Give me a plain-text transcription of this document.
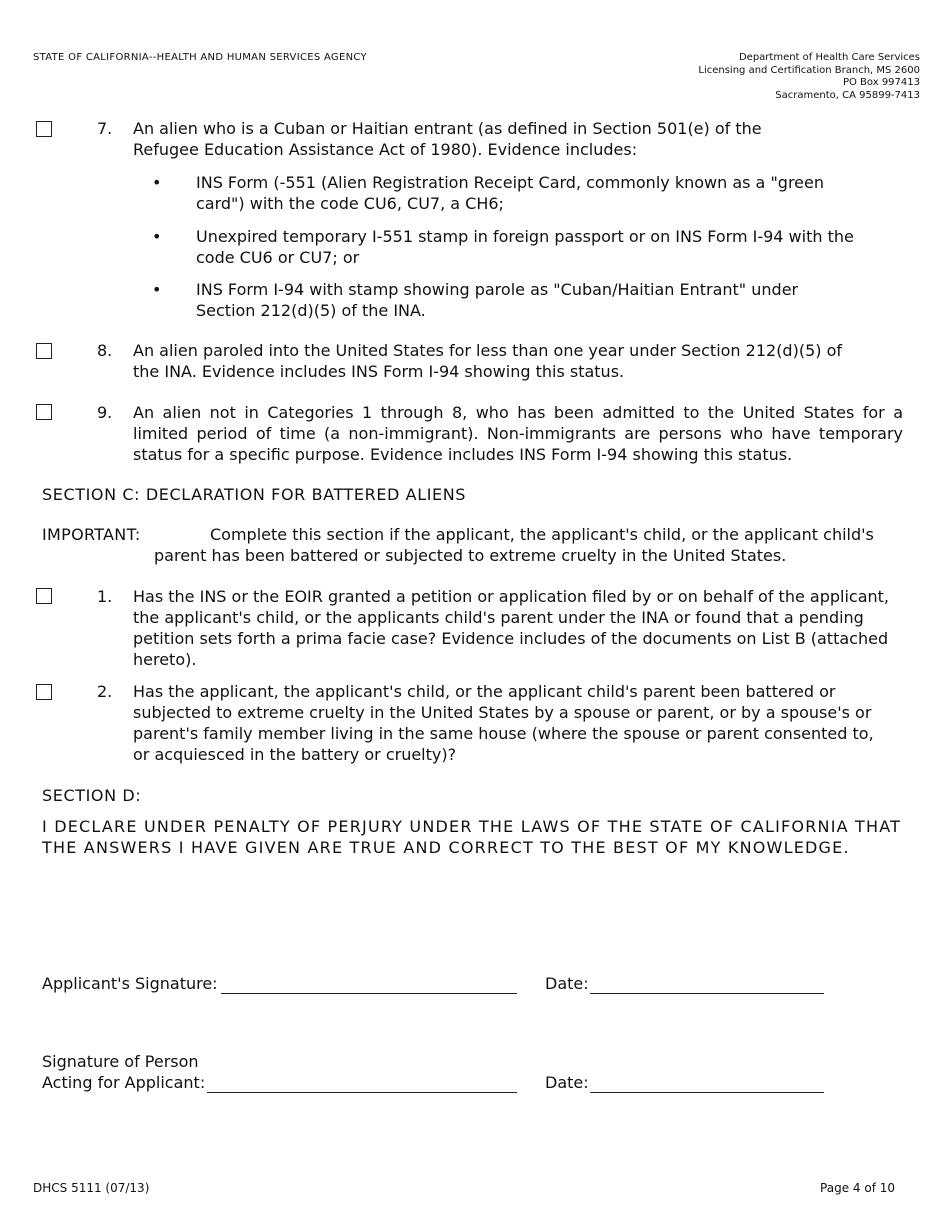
STATE OF CALIFORNIA--HEALTH AND HUMAN SERVICES AGENCY	Department of Health Care Services
Licensing and Certification Branch, MS 2600
PO Box 997413
Sacramento, CA 95899-7413
7. An alien who is a Cuban or Haitian entrant (as defined in Section 501(e) of the Refugee Education Assistance Act of 1980). Evidence includes:
• INS Form (-551 (Alien Registration Receipt Card, commonly known as a "green card") with the code CU6, CU7, a CH6;
• Unexpired temporary I-551 stamp in foreign passport or on INS Form I-94 with the code CU6 or CU7; or
• INS Form I-94 with stamp showing parole as "Cuban/Haitian Entrant" under Section 212(d)(5) of the INA.
8. An alien paroled into the United States for less than one year under Section 212(d)(5) of the INA. Evidence includes INS Form I-94 showing this status.
9. An alien not in Categories 1 through 8, who has been admitted to the United States for a limited period of time (a non-immigrant). Non-immigrants are persons who have temporary status for a specific purpose. Evidence includes INS Form I-94 showing this status.
SECTION C: DECLARATION FOR BATTERED ALIENS
IMPORTANT:	Complete this section if the applicant, the applicant's child, or the applicant child's parent has been battered or subjected to extreme cruelty in the United States.
1. Has the INS or the EOIR granted a petition or application filed by or on behalf of the applicant, the applicant's child, or the applicants child's parent under the INA or found that a pending petition sets forth a prima facie case? Evidence includes of the documents on List B (attached hereto).
2. Has the applicant, the applicant's child, or the applicant child's parent been battered or subjected to extreme cruelty in the United States by a spouse or parent, or by a spouse's or parent's family member living in the same house (where the spouse or parent consented to, or acquiesced in the battery or cruelty)?
SECTION D:
I DECLARE UNDER PENALTY OF PERJURY UNDER THE LAWS OF THE STATE OF CALIFORNIA THAT THE ANSWERS I HAVE GIVEN ARE TRUE AND CORRECT TO THE BEST OF MY KNOWLEDGE.
Applicant's Signature:	Date:
Signature of Person
Acting for Applicant:	Date:
DHCS 5111 (07/13)	Page 4 of 10
